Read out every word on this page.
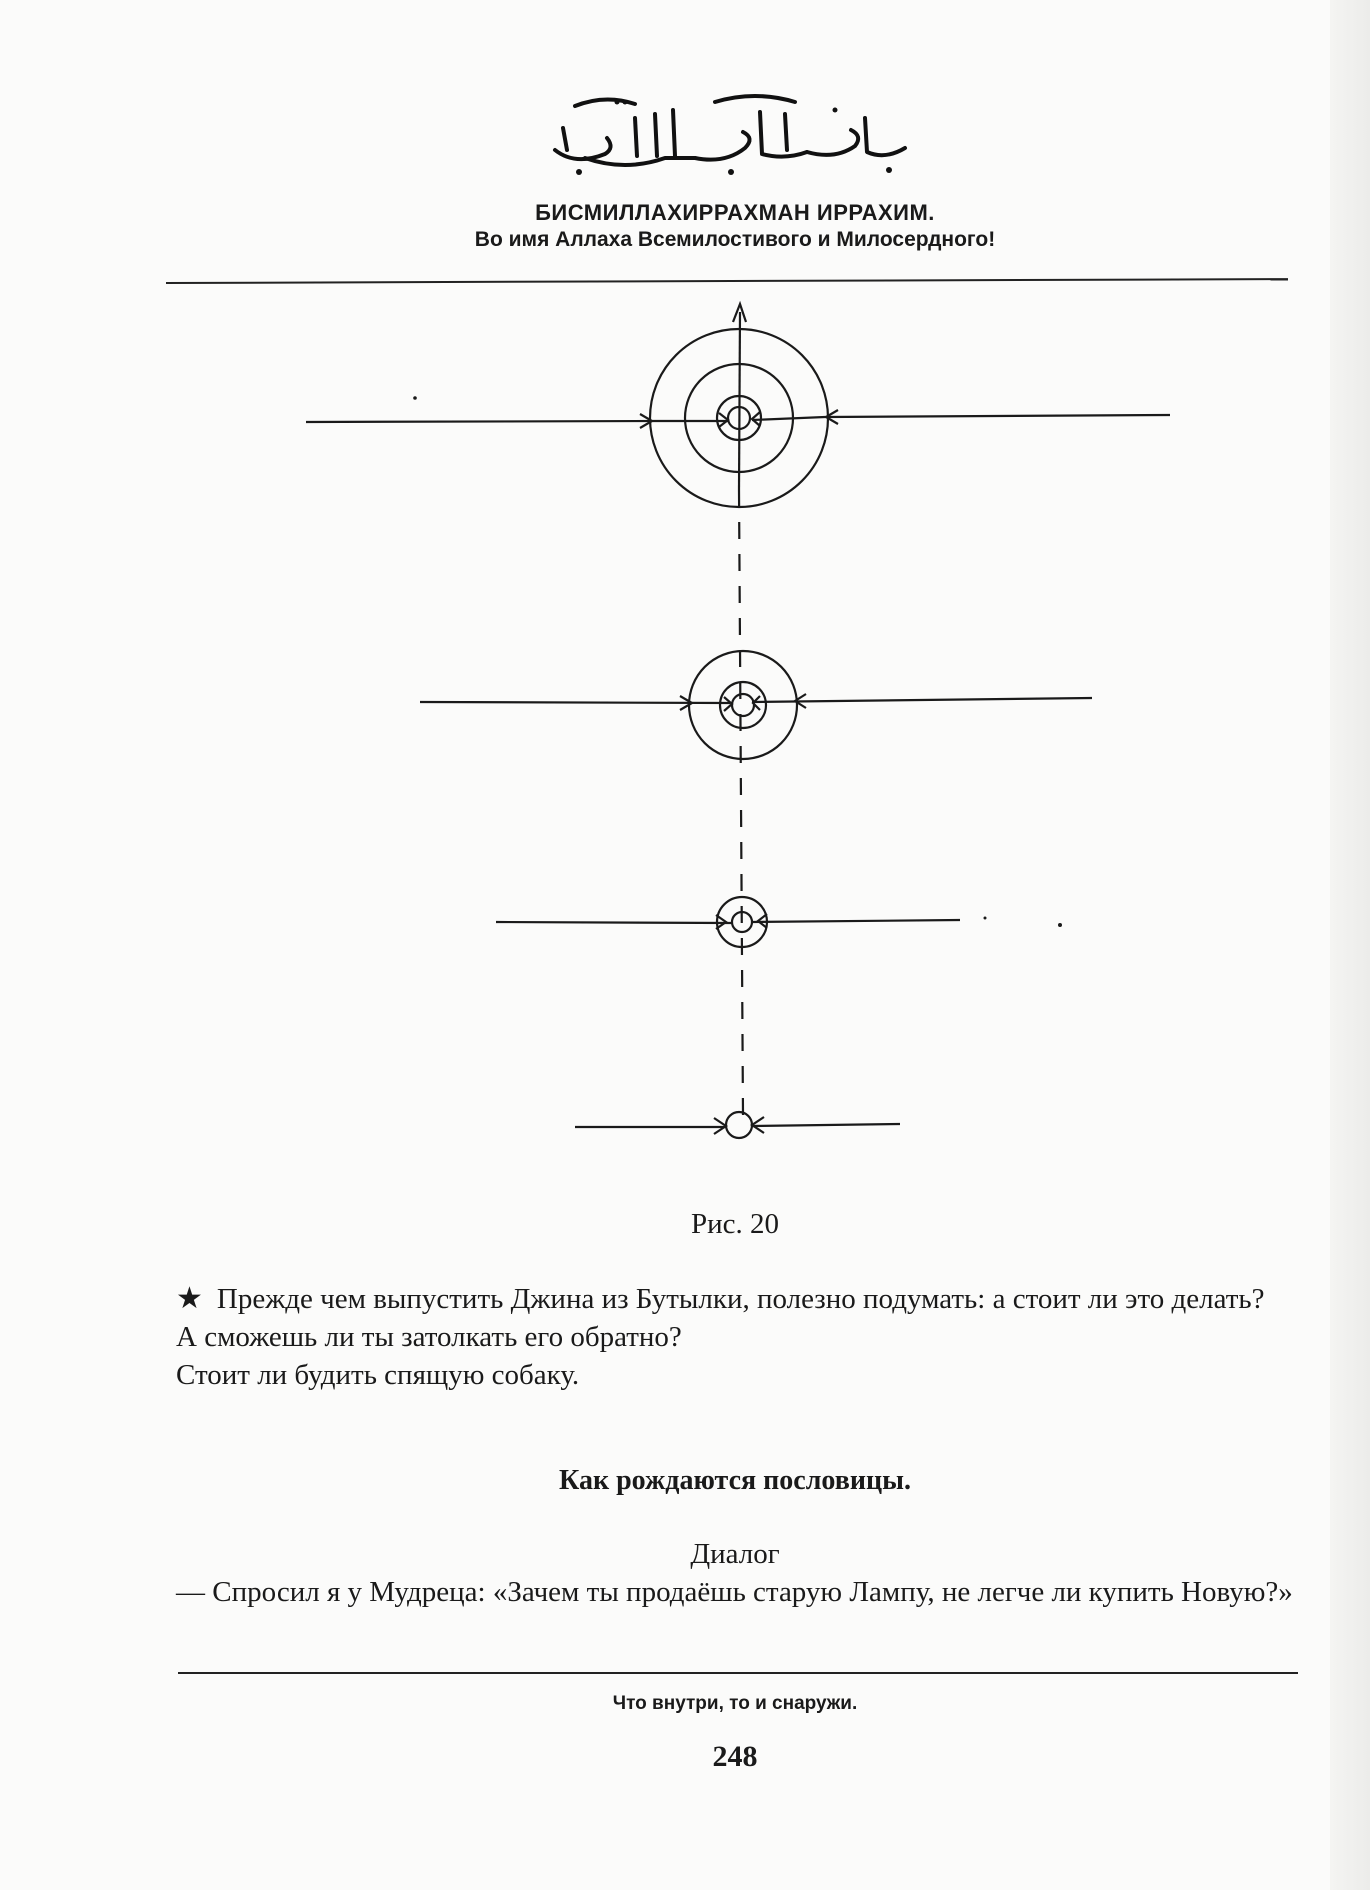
БИСМИЛЛАХИРРАХМАН ИРРАХИМ.
Во имя Аллаха Всемилостивого и Милосердного!
Рис. 20

★ Прежде чем выпустить Джина из Бутылки, полезно подумать: а стоит ли это делать?

А сможешь ли ты затолкать его обратно?

Стоит ли будить спящую собаку.

Как рождаются пословицы.
Диалог

— Спросил я у Мудреца: «Зачем ты продаёшь старую Лампу, не легче ли купить Новую?»

Что внутри, то и снаружи.
248
